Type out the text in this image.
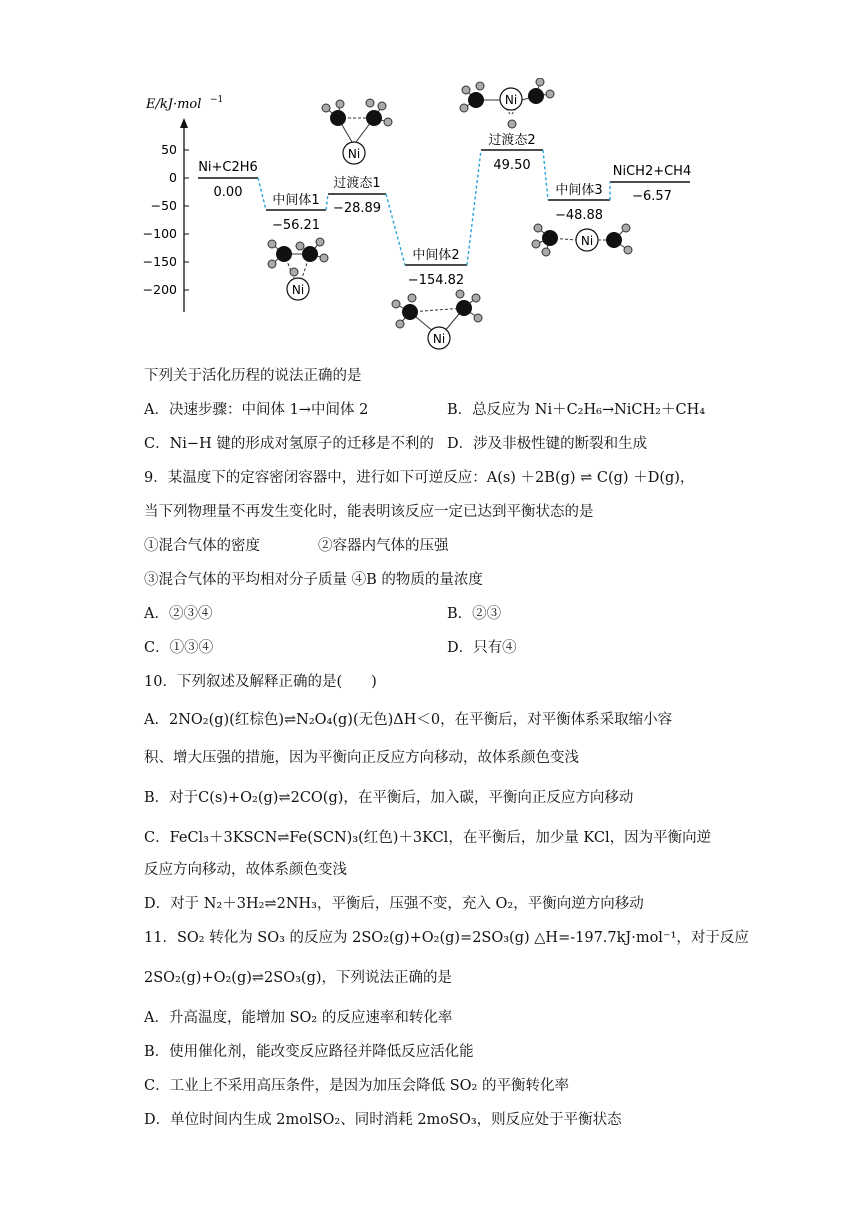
E/kJ·mol −1
50
0
−50
−100
−150
−200
Ni+C2H6
0.00
中间体1
−56.21
过渡态1
−28.89
中间体2
−154.82
过渡态2
49.50
中间体3
−48.88
NiCH2+CH4
−6.57
Ni
Ni
Ni
Ni
Ni
下列关于活化历程的说法正确的是
A．决速步骤：中间体 1→中间体 2	B．总反应为 Ni＋C₂H₆→NiCH₂＋CH₄
C．Ni−H 键的形成对氢原子的迁移是不利的 D．涉及非极性键的断裂和生成
9．某温度下的定容密闭容器中，进行如下可逆反应：A(s) ＋2B(g) ⇌ C(g) ＋D(g)，
当下列物理量不再发生变化时，能表明该反应一定已达到平衡状态的是
①混合气体的密度　　　　②容器内气体的压强
③混合气体的平均相对分子质量 ④B 的物质的量浓度
A．②③④	B．②③
C．①③④	D．只有④
10．下列叙述及解释正确的是(　　)
A．2NO₂(g)(红棕色)⇌N₂O₄(g)(无色)ΔH＜0，在平衡后，对平衡体系采取缩小容
积、增大压强的措施，因为平衡向正反应方向移动，故体系颜色变浅
B．对于C(s)+O₂(g)⇌2CO(g)，在平衡后，加入碳，平衡向正反应方向移动
C．FeCl₃＋3KSCN⇌Fe(SCN)₃(红色)＋3KCl，在平衡后，加少量 KCl，因为平衡向逆
反应方向移动，故体系颜色变浅
D．对于 N₂＋3H₂⇌2NH₃，平衡后，压强不变，充入 O₂，平衡向逆方向移动
11．SO₂ 转化为 SO₃ 的反应为 2SO₂(g)+O₂(g)=2SO₃(g) △H=-197.7kJ·mol⁻¹，对于反应
2SO₂(g)+O₂(g)⇌2SO₃(g)，下列说法正确的是
A．升高温度，能增加 SO₂ 的反应速率和转化率
B．使用催化剂，能改变反应路径并降低反应活化能
C．工业上不采用高压条件，是因为加压会降低 SO₂ 的平衡转化率
D．单位时间内生成 2molSO₂、同时消耗 2moSO₃，则反应处于平衡状态
